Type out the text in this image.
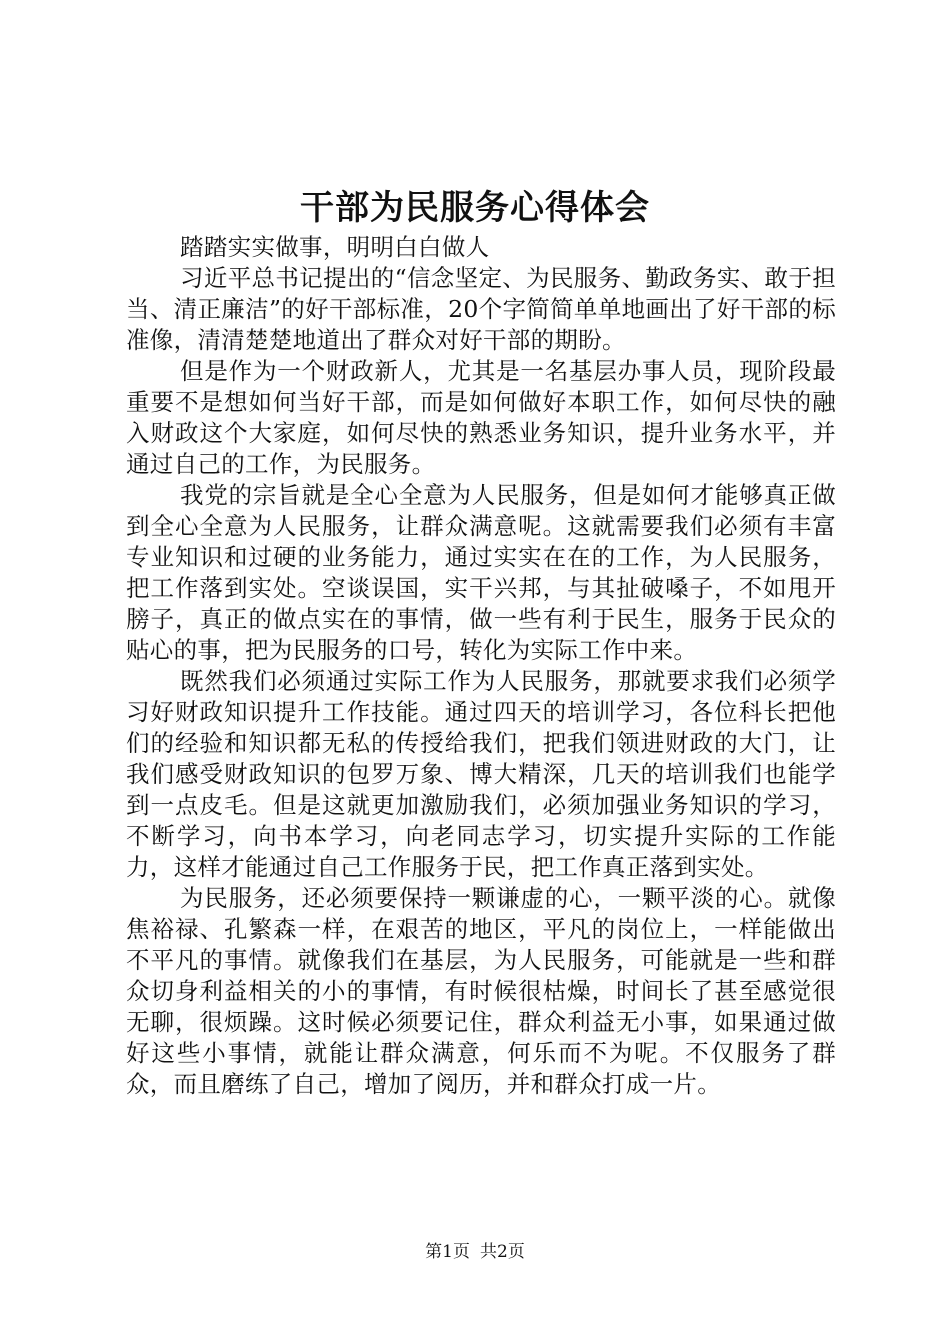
干部为民服务心得体会

踏踏实实做事，明明白白做人

习近平总书记提出的“信念坚定、为民服务、勤政务实、敢于担当、清正廉洁”的好干部标准，20个字简简单单地画出了好干部的标准像，清清楚楚地道出了群众对好干部的期盼。

但是作为一个财政新人，尤其是一名基层办事人员，现阶段最重要不是想如何当好干部，而是如何做好本职工作，如何尽快的融入财政这个大家庭，如何尽快的熟悉业务知识，提升业务水平，并通过自己的工作，为民服务。

我党的宗旨就是全心全意为人民服务，但是如何才能够真正做到全心全意为人民服务，让群众满意呢。这就需要我们必须有丰富专业知识和过硬的业务能力，通过实实在在的工作，为人民服务，把工作落到实处。空谈误国，实干兴邦，与其扯破嗓子，不如甩开膀子，真正的做点实在的事情，做一些有利于民生，服务于民众的贴心的事，把为民服务的口号，转化为实际工作中来。

既然我们必须通过实际工作为人民服务，那就要求我们必须学习好财政知识提升工作技能。通过四天的培训学习，各位科长把他们的经验和知识都无私的传授给我们，把我们领进财政的大门，让我们感受财政知识的包罗万象、博大精深，几天的培训我们也能学到一点皮毛。但是这就更加激励我们，必须加强业务知识的学习，不断学习，向书本学习，向老同志学习，切实提升实际的工作能力，这样才能通过自己工作服务于民，把工作真正落到实处。

为民服务，还必须要保持一颗谦虚的心，一颗平淡的心。就像焦裕禄、孔繁森一样，在艰苦的地区，平凡的岗位上，一样能做出不平凡的事情。就像我们在基层，为人民服务，可能就是一些和群众切身利益相关的小的事情，有时候很枯燥，时间长了甚至感觉很无聊，很烦躁。这时候必须要记住，群众利益无小事，如果通过做好这些小事情，就能让群众满意，何乐而不为呢。不仅服务了群众，而且磨练了自己，增加了阅历，并和群众打成一片。

第1页 共2页
